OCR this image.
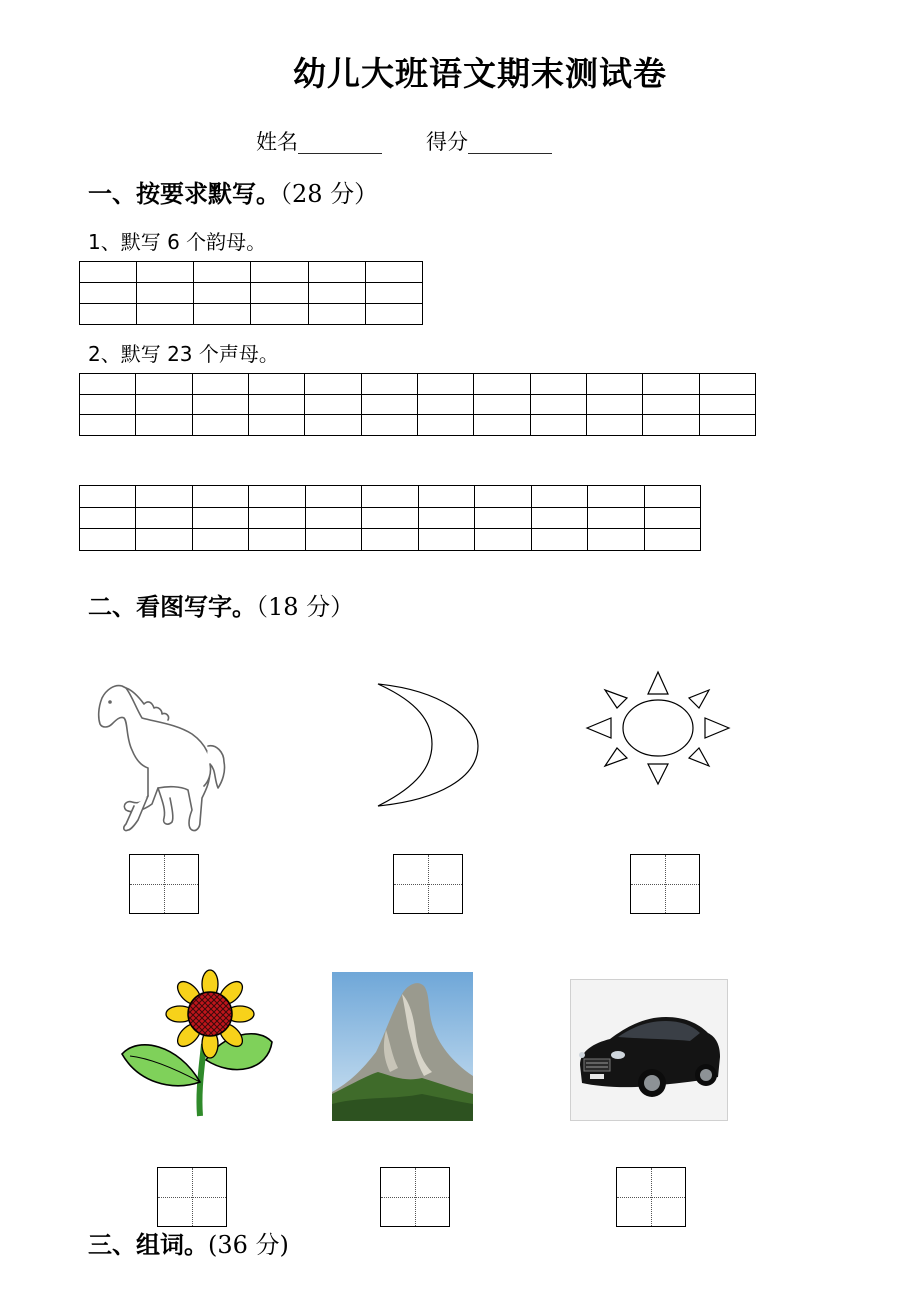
幼儿大班语文期末测试卷
姓名________ 得分________
一、按要求默写。（28 分）
1、默写 6 个韵母。

2、默写 23 个声母。

二、看图写字。（18 分）
三、组词。(36 分)
